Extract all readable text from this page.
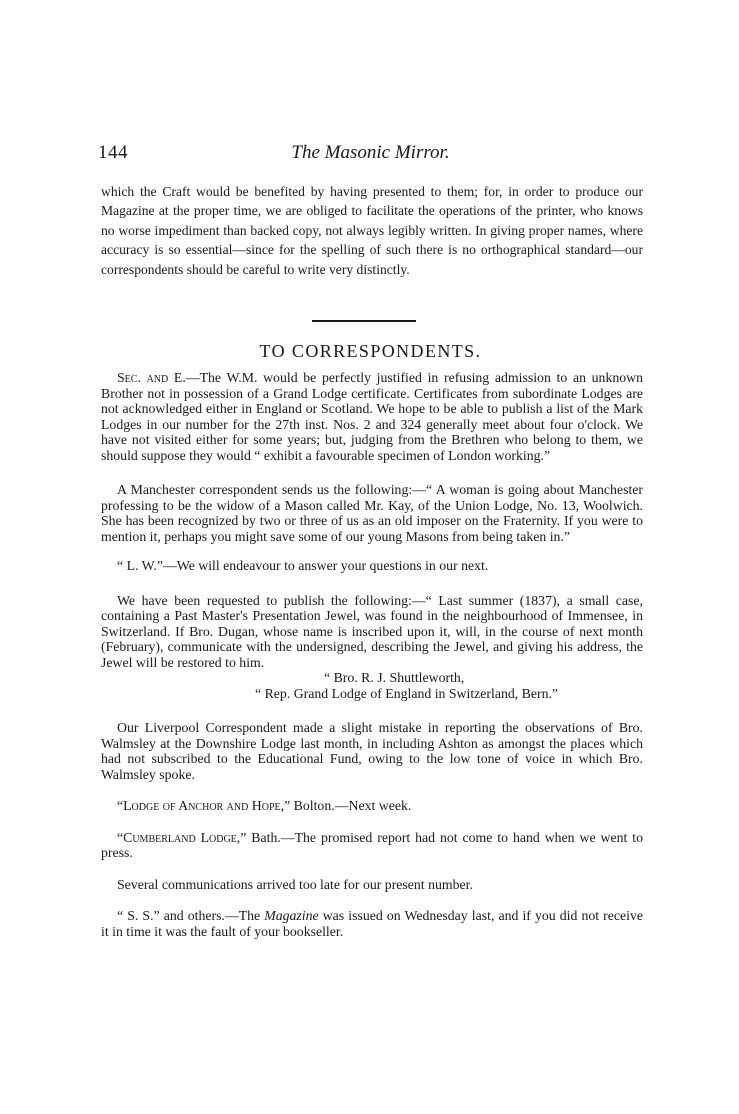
144	The Masonic Mirror.
which the Craft would be benefited by having presented to them; for, in order to produce our Magazine at the proper time, we are obliged to facilitate the operations of the printer, who knows no worse impediment than backed copy, not always legibly written. In giving proper names, where accuracy is so essential—since for the spelling of such there is no orthographical standard—our correspondents should be careful to write very distinctly.
TO CORRESPONDENTS.

Sec. and E.—The W.M. would be perfectly justified in refusing admission to an unknown Brother not in possession of a Grand Lodge certificate. Certificates from subordinate Lodges are not acknowledged either in England or Scotland. We hope to be able to publish a list of the Mark Lodges in our number for the 27th inst. Nos. 2 and 324 generally meet about four o'clock. We have not visited either for some years; but, judging from the Brethren who belong to them, we should suppose they would “ exhibit a favourable specimen of London working.”

A Manchester correspondent sends us the following:—“ A woman is going about Manchester professing to be the widow of a Mason called Mr. Kay, of the Union Lodge, No. 13, Woolwich. She has been recognized by two or three of us as an old imposer on the Fraternity. If you were to mention it, perhaps you might save some of our young Masons from being taken in.”

“ L. W.”—We will endeavour to answer your questions in our next.

We have been requested to publish the following:—“ Last summer (1837), a small case, containing a Past Master's Presentation Jewel, was found in the neighbourhood of Immensee, in Switzerland. If Bro. Dugan, whose name is inscribed upon it, will, in the course of next month (February), communicate with the undersigned, describing the Jewel, and giving his address, the Jewel will be restored to him.

“ Bro. R. J. Shuttleworth,

“ Rep. Grand Lodge of England in Switzerland, Bern.”

Our Liverpool Correspondent made a slight mistake in reporting the observations of Bro. Walmsley at the Downshire Lodge last month, in including Ashton as amongst the places which had not subscribed to the Educational Fund, owing to the low tone of voice in which Bro. Walmsley spoke.

“Lodge of Anchor and Hope,” Bolton.—Next week.

“Cumberland Lodge,” Bath.—The promised report had not come to hand when we went to press.

Several communications arrived too late for our present number.

“ S. S.” and others.—The Magazine was issued on Wednesday last, and if you did not receive it in time it was the fault of your bookseller.
